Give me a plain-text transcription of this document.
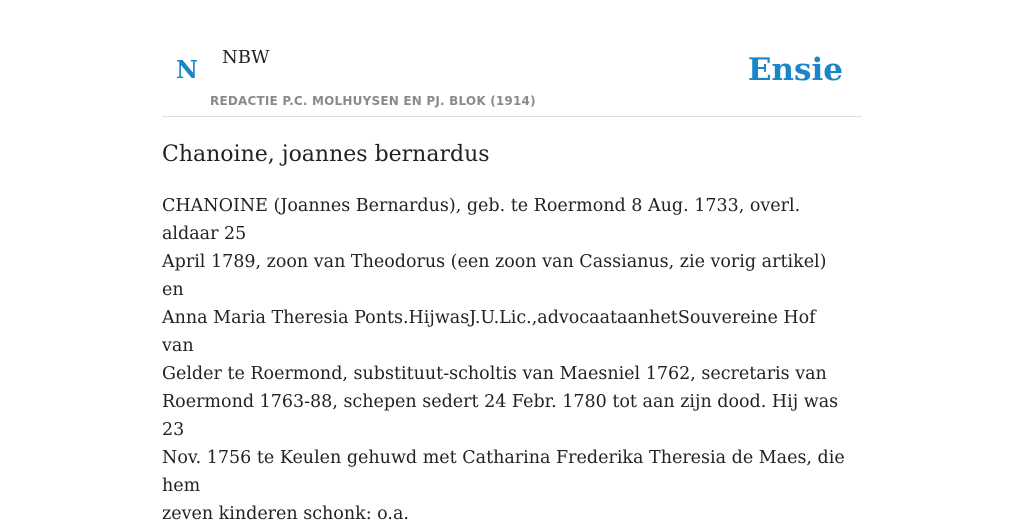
N NBW
REDACTIE P.C. MOLHUYSEN EN PJ. BLOK (1914)
Ensie
Chanoine, joannes bernardus
CHANOINE (Joannes Bernardus), geb. te Roermond 8 Aug. 1733, overl. aldaar 25
April 1789, zoon van Theodorus (een zoon van Cassianus, zie vorig artikel) en
Anna Maria Theresia Ponts.HijwasJ.U.Lic.,advocaataanhetSouvereine Hof van
Gelder te Roermond, substituut-scholtis van Maesniel 1762, secretaris van
Roermond 1763-88, schepen sedert 24 Febr. 1780 tot aan zijn dood. Hij was 23
Nov. 1756 te Keulen gehuwd met Catharina Frederika Theresia de Maes, die hem
zeven kinderen schonk: o.a.
